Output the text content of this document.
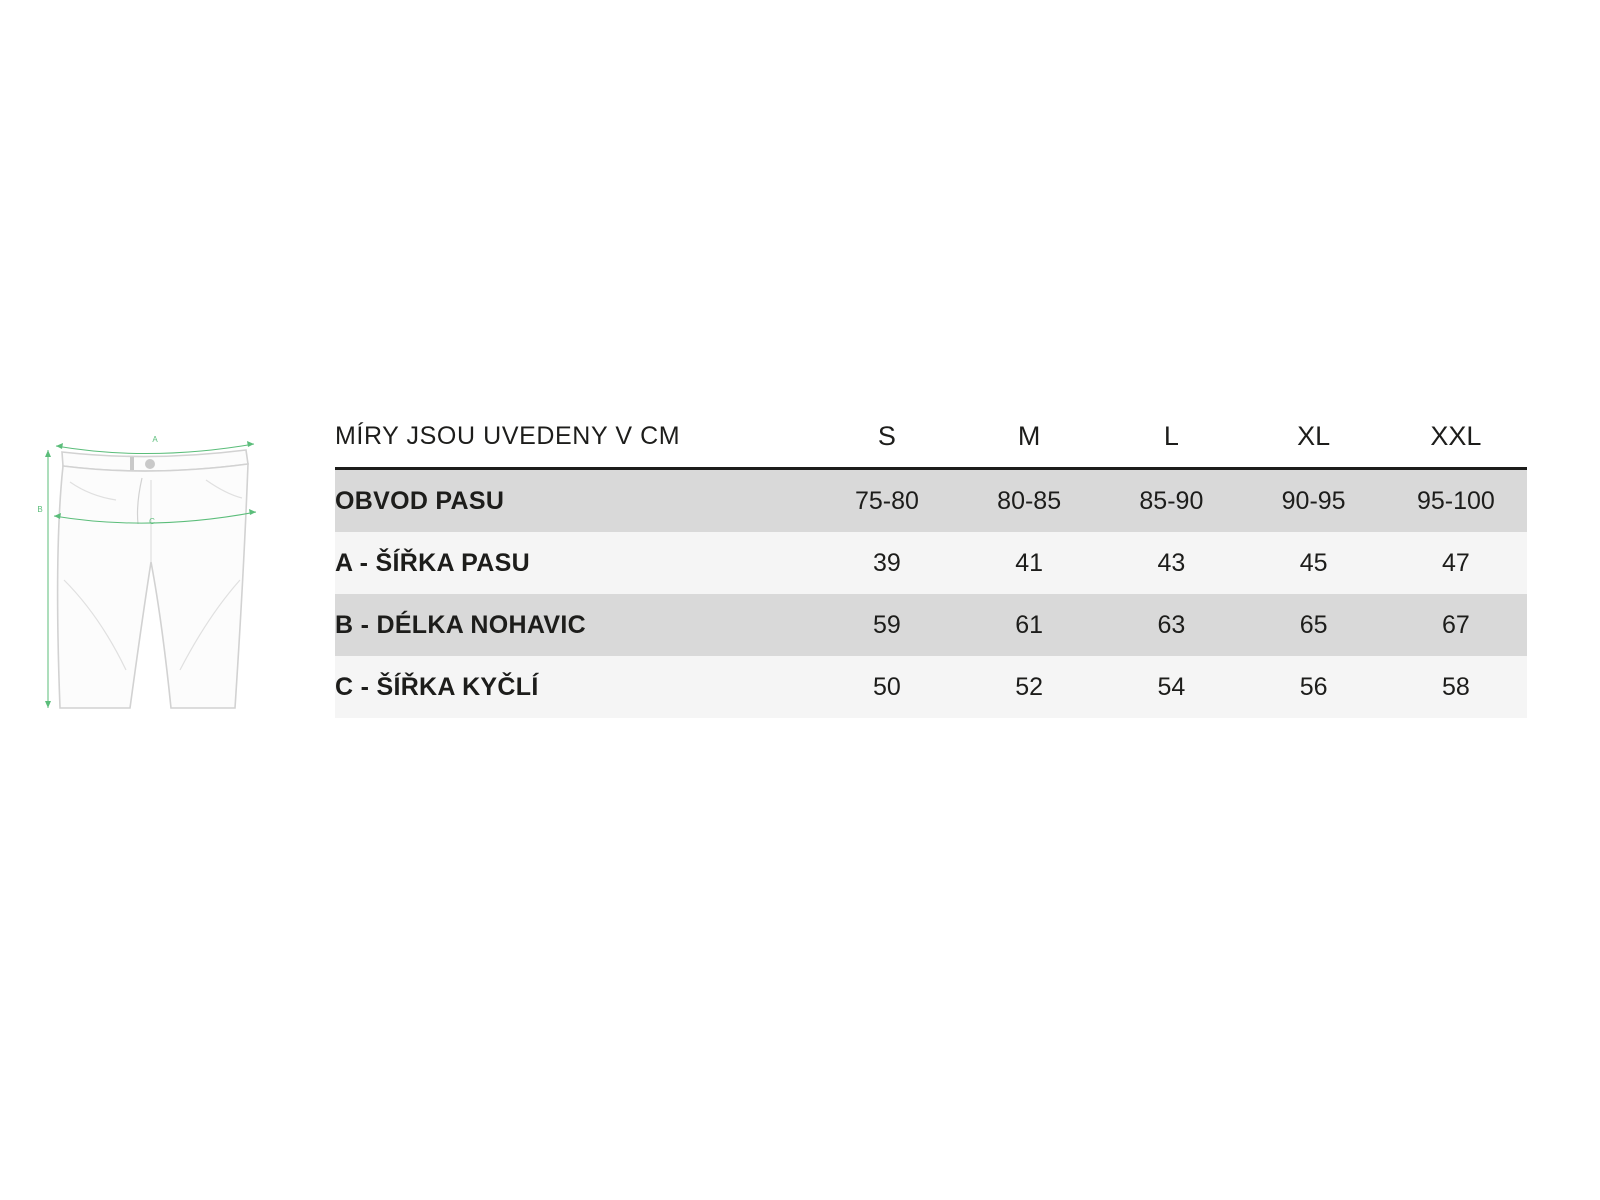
A
C
B
MÍRY JSOU UVEDENY V CM	S	M	L	XL	XXL
OBVOD PASU	75-80	80-85	85-90	90-95	95-100
A - ŠÍŘKA PASU	39	41	43	45	47
B - DÉLKA NOHAVIC	59	61	63	65	67
C - ŠÍŘKA KYČLÍ	50	52	54	56	58
